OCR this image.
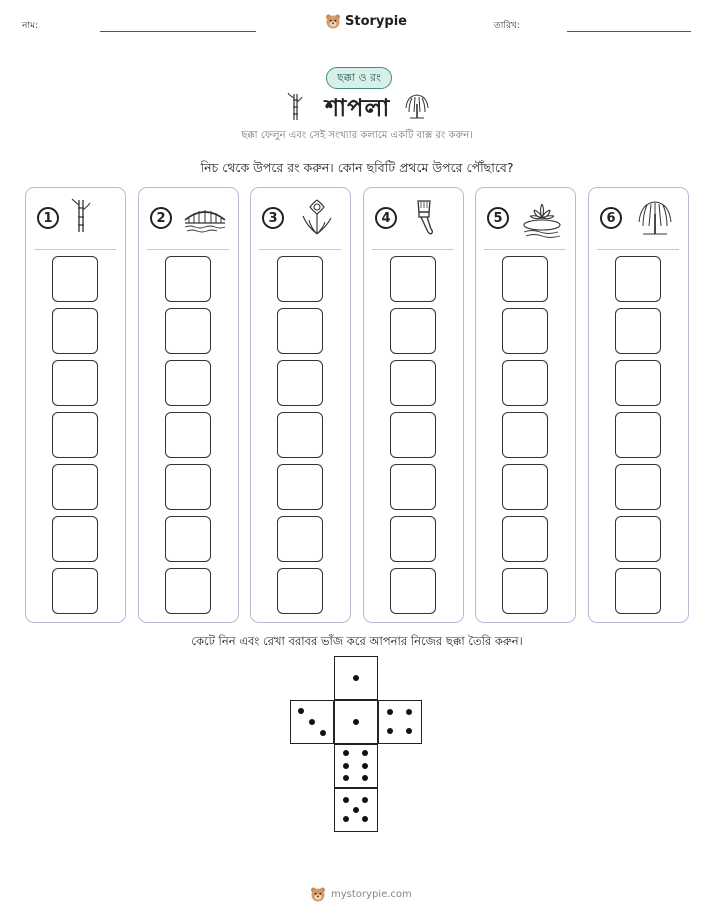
নাম:	Storypie	তারিখ:
ছক্কা ও রং
শাপলা
ছক্কা ফেলুন এবং সেই সংখ্যার কলামে একটি বাক্স রং করুন।
নিচ থেকে উপরে রং করুন। কোন ছবিটি প্রথমে উপরে পৌঁছাবে?
1	2	3	4	5	6
কেটে নিন এবং রেখা বরাবর ভাঁজ করে আপনার নিজের ছক্কা তৈরি করুন।
mystorypie.com
